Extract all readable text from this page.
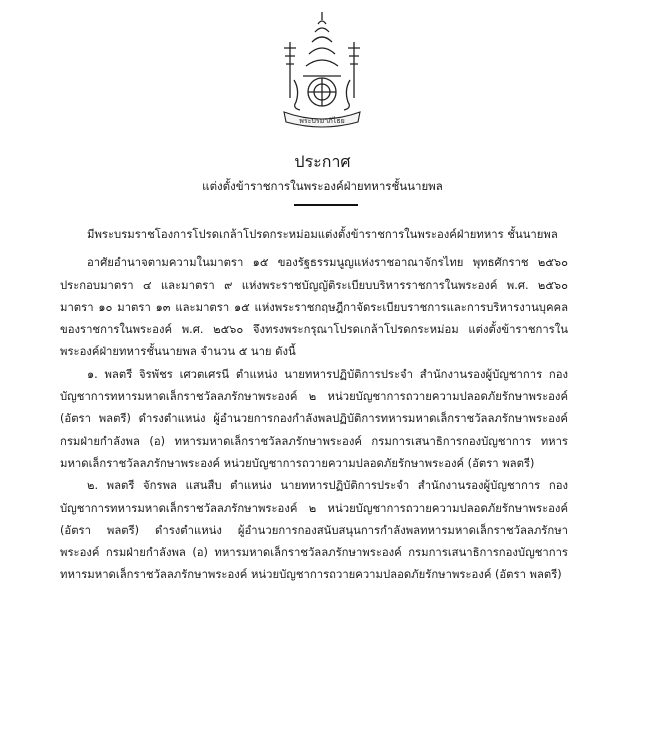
พระปรมาภิไธย
ประกาศ
แต่งตั้งข้าราชการในพระองค์ฝ่ายทหารชั้นนายพล

มีพระบรมราชโองการโปรดเกล้าโปรดกระหม่อมแต่งตั้งข้าราชการในพระองค์ฝ่ายทหาร ชั้นนายพล

อาศัยอำนาจตามความในมาตรา ๑๕ ของรัฐธรรมนูญแห่งราชอาณาจักรไทย พุทธศักราช ๒๕๖๐ ประกอบมาตรา ๔ และมาตรา ๙ แห่งพระราชบัญญัติระเบียบบริหารราชการในพระองค์ พ.ศ. ๒๕๖๐ มาตรา ๑๐ มาตรา ๑๓ และมาตรา ๑๕ แห่งพระราชกฤษฎีกาจัดระเบียบราชการและการบริหารงานบุคคลของราชการในพระองค์ พ.ศ. ๒๕๖๐ จึงทรงพระกรุณาโปรดเกล้าโปรดกระหม่อม แต่งตั้งข้าราชการในพระองค์ฝ่ายทหารชั้นนายพล จำนวน ๕ นาย ดังนี้

๑. พลตรี จิรพัชร เศวตเศรนี ตำแหน่ง นายทหารปฏิบัติการประจำ สำนักงานรองผู้บัญชาการ กองบัญชาการทหารมหาดเล็กราชวัลลภรักษาพระองค์ ๒ หน่วยบัญชาการถวายความปลอดภัยรักษาพระองค์ (อัตรา พลตรี) ดำรงตำแหน่ง ผู้อำนวยการกองกำลังพลปฏิบัติการทหารมหาดเล็กราชวัลลภรักษาพระองค์ กรมฝ่ายกำลังพล (อ) ทหารมหาดเล็กราชวัลลภรักษาพระองค์ กรมการเสนาธิการกองบัญชาการ ทหารมหาดเล็กราชวัลลภรักษาพระองค์ หน่วยบัญชาการถวายความปลอดภัยรักษาพระองค์ (อัตรา พลตรี)

๒. พลตรี จักรพล แสนสืบ ตำแหน่ง นายทหารปฏิบัติการประจำ สำนักงานรองผู้บัญชาการ กองบัญชาการทหารมหาดเล็กราชวัลลภรักษาพระองค์ ๒ หน่วยบัญชาการถวายความปลอดภัยรักษาพระองค์ (อัตรา พลตรี) ดำรงตำแหน่ง ผู้อำนวยการกองสนับสนุนการกำลังพลทหารมหาดเล็กราชวัลลภรักษาพระองค์ กรมฝ่ายกำลังพล (อ) ทหารมหาดเล็กราชวัลลภรักษาพระองค์ กรมการเสนาธิการกองบัญชาการ ทหารมหาดเล็กราชวัลลภรักษาพระองค์ หน่วยบัญชาการถวายความปลอดภัยรักษาพระองค์ (อัตรา พลตรี)
